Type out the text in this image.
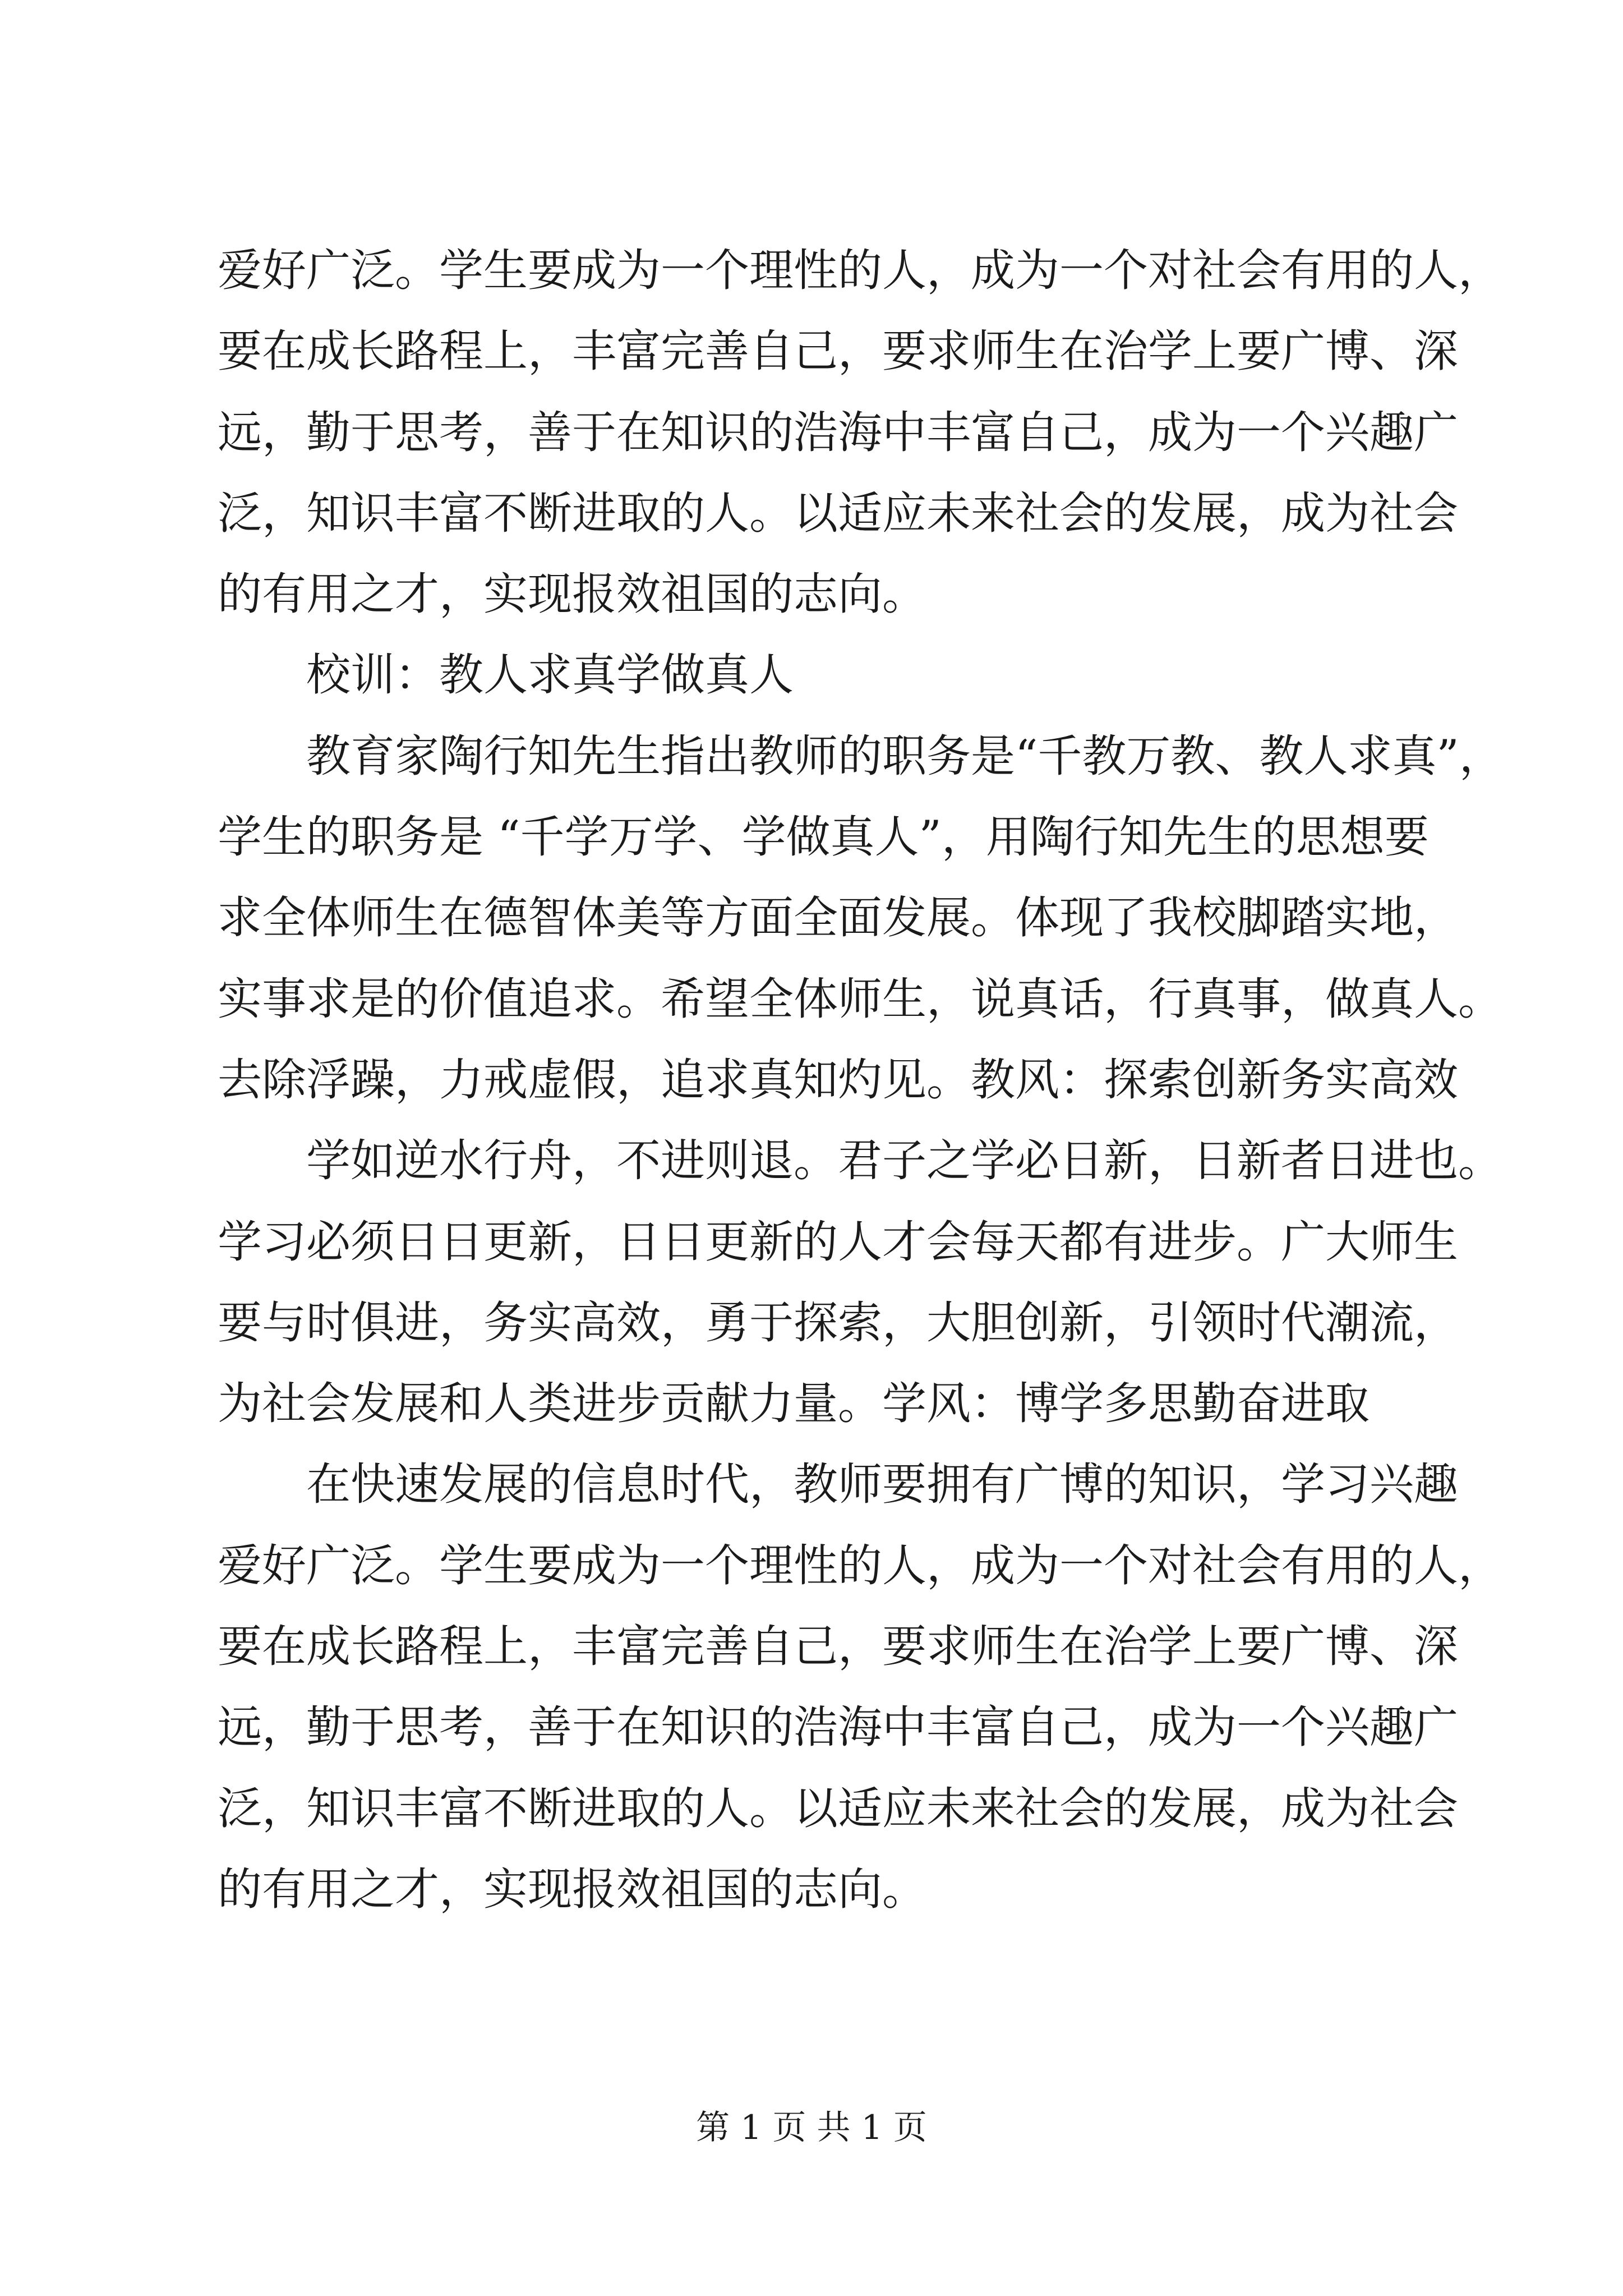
爱好广泛。学生要成为一个理性的人，成为一个对社会有用的人，
要在成长路程上，丰富完善自己，要求师生在治学上要广博、深
远，勤于思考，善于在知识的浩海中丰富自己，成为一个兴趣广
泛，知识丰富不断进取的人。以适应未来社会的发展，成为社会
的有用之才，实现报效祖国的志向。
校训：教人求真学做真人
教育家陶行知先生指出教师的职务是“千教万教、教人求真”，
学生的职务是 “千学万学、学做真人”，用陶行知先生的思想要
求全体师生在德智体美等方面全面发展。体现了我校脚踏实地，
实事求是的价值追求。希望全体师生，说真话，行真事，做真人。
去除浮躁，力戒虚假，追求真知灼见。教风：探索创新务实高效
学如逆水行舟，不进则退。君子之学必日新，日新者日进也。
学习必须日日更新，日日更新的人才会每天都有进步。广大师生
要与时俱进，务实高效，勇于探索，大胆创新，引领时代潮流，
为社会发展和人类进步贡献力量。学风：博学多思勤奋进取
在快速发展的信息时代，教师要拥有广博的知识，学习兴趣
爱好广泛。学生要成为一个理性的人，成为一个对社会有用的人，
要在成长路程上，丰富完善自己，要求师生在治学上要广博、深
远，勤于思考，善于在知识的浩海中丰富自己，成为一个兴趣广
泛，知识丰富不断进取的人。以适应未来社会的发展，成为社会
的有用之才，实现报效祖国的志向。
第 1 页 共 1 页
